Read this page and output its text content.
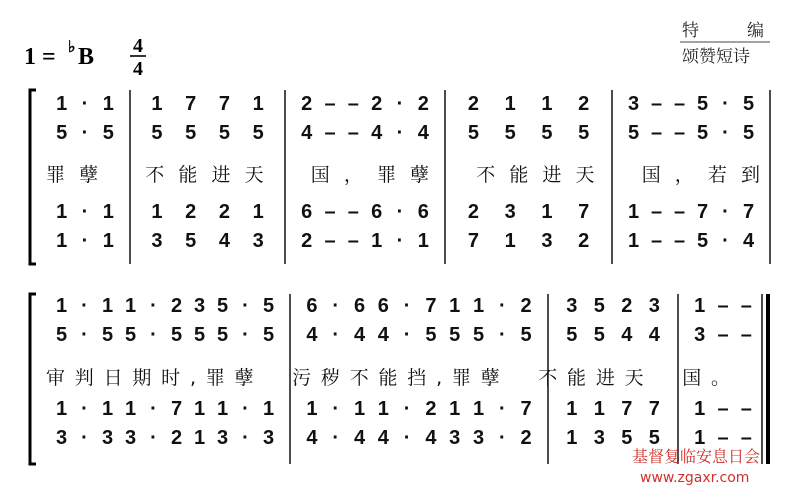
1 = ♭ B 4
4
特　编
颂赞短诗
1 · 1 1 7 7 1 2 – – 2 · 2 2 1 1 2 3 – – 5 · 5
5 · 5 5 5 5 5 4 – – 4 · 4 5 5 5 5 5 – – 5 · 5
1 · 1 1 2 2 1 6 – – 6 · 6 2 3 1 7 1 – – 7 · 7
1 · 1 3 5 4 3 2 – – 1 · 1 7 1 3 2 1 – – 5 · 4
罪孽　不能进天　国，罪孽　不能进天　国，若到
1 · 1 1 · 2 3 5 · 5 6 · 6 6 · 7 1 1 · 2 3 5 2 3 1 – –
5 · 5 5 · 5 5 5 · 5 4 · 4 4 · 5 5 5 · 5 5 5 4 4 3 – –
1 · 1 1 · 7 1 1 · 1 1 · 1 1 · 2 1 1 · 7 1 1 7 7 1 – –
3 · 3 3 · 2 1 3 · 3 4 · 4 4 · 4 3 3 · 2 1 3 5 5 1 – –
审判日期时,罪孽　污秽不能挡,罪孽　不能进天　国。
基督复临安息日会
www.zgaxr.com
